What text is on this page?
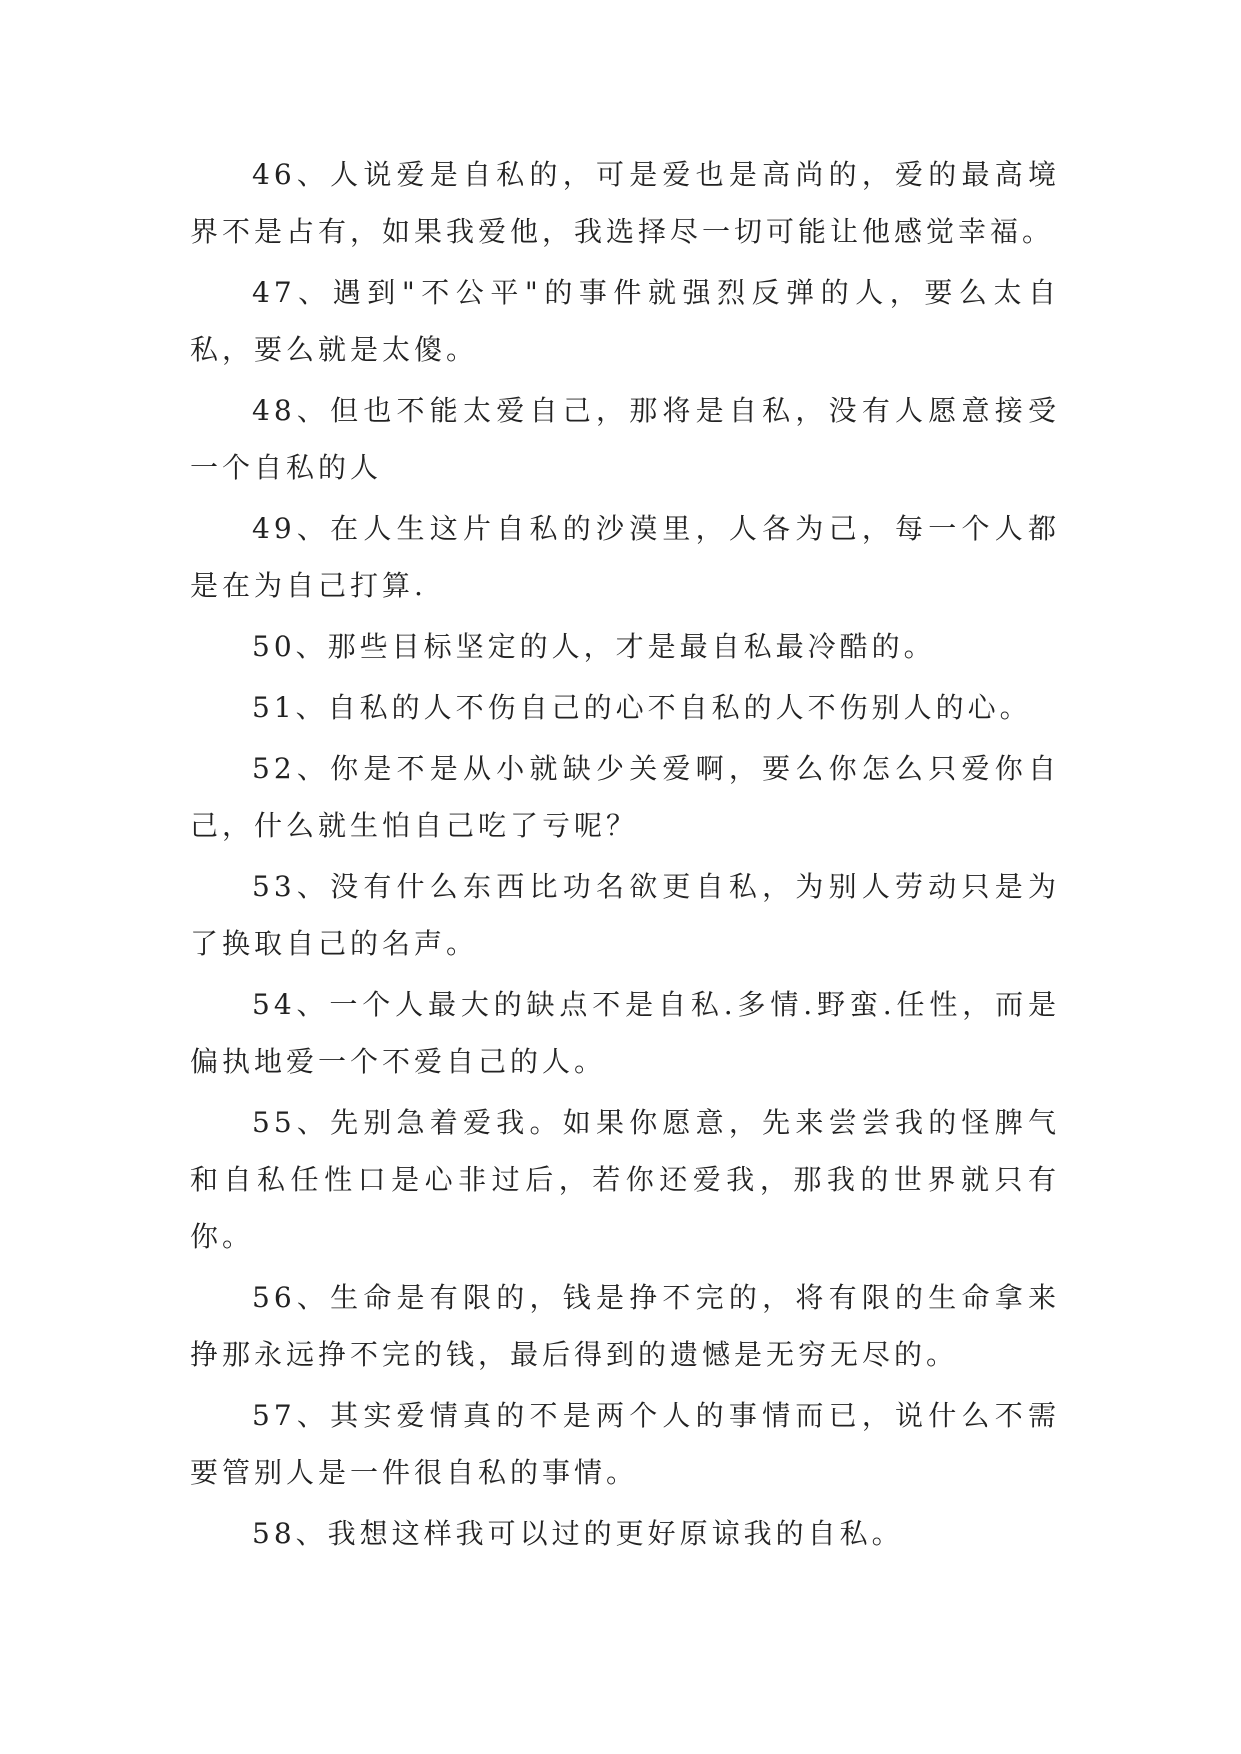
46、人说爱是自私的，可是爱也是高尚的，爱的最高境界不是占有，如果我爱他，我选择尽一切可能让他感觉幸福。

47、遇到"不公平"的事件就强烈反弹的人，要么太自私，要么就是太傻。

48、但也不能太爱自己，那将是自私，没有人愿意接受一个自私的人

49、在人生这片自私的沙漠里，人各为己，每一个人都是在为自己打算.

50、那些目标坚定的人，才是最自私最冷酷的。

51、自私的人不伤自己的心不自私的人不伤别人的心。

52、你是不是从小就缺少关爱啊，要么你怎么只爱你自己，什么就生怕自己吃了亏呢？

53、没有什么东西比功名欲更自私，为别人劳动只是为了换取自己的名声。

54、一个人最大的缺点不是自私.多情.野蛮.任性，而是偏执地爱一个不爱自己的人。

55、先别急着爱我。如果你愿意，先来尝尝我的怪脾气和自私任性口是心非过后，若你还爱我，那我的世界就只有你。

56、生命是有限的，钱是挣不完的，将有限的生命拿来挣那永远挣不完的钱，最后得到的遗憾是无穷无尽的。

57、其实爱情真的不是两个人的事情而已，说什么不需要管别人是一件很自私的事情。

58、我想这样我可以过的更好原谅我的自私。
